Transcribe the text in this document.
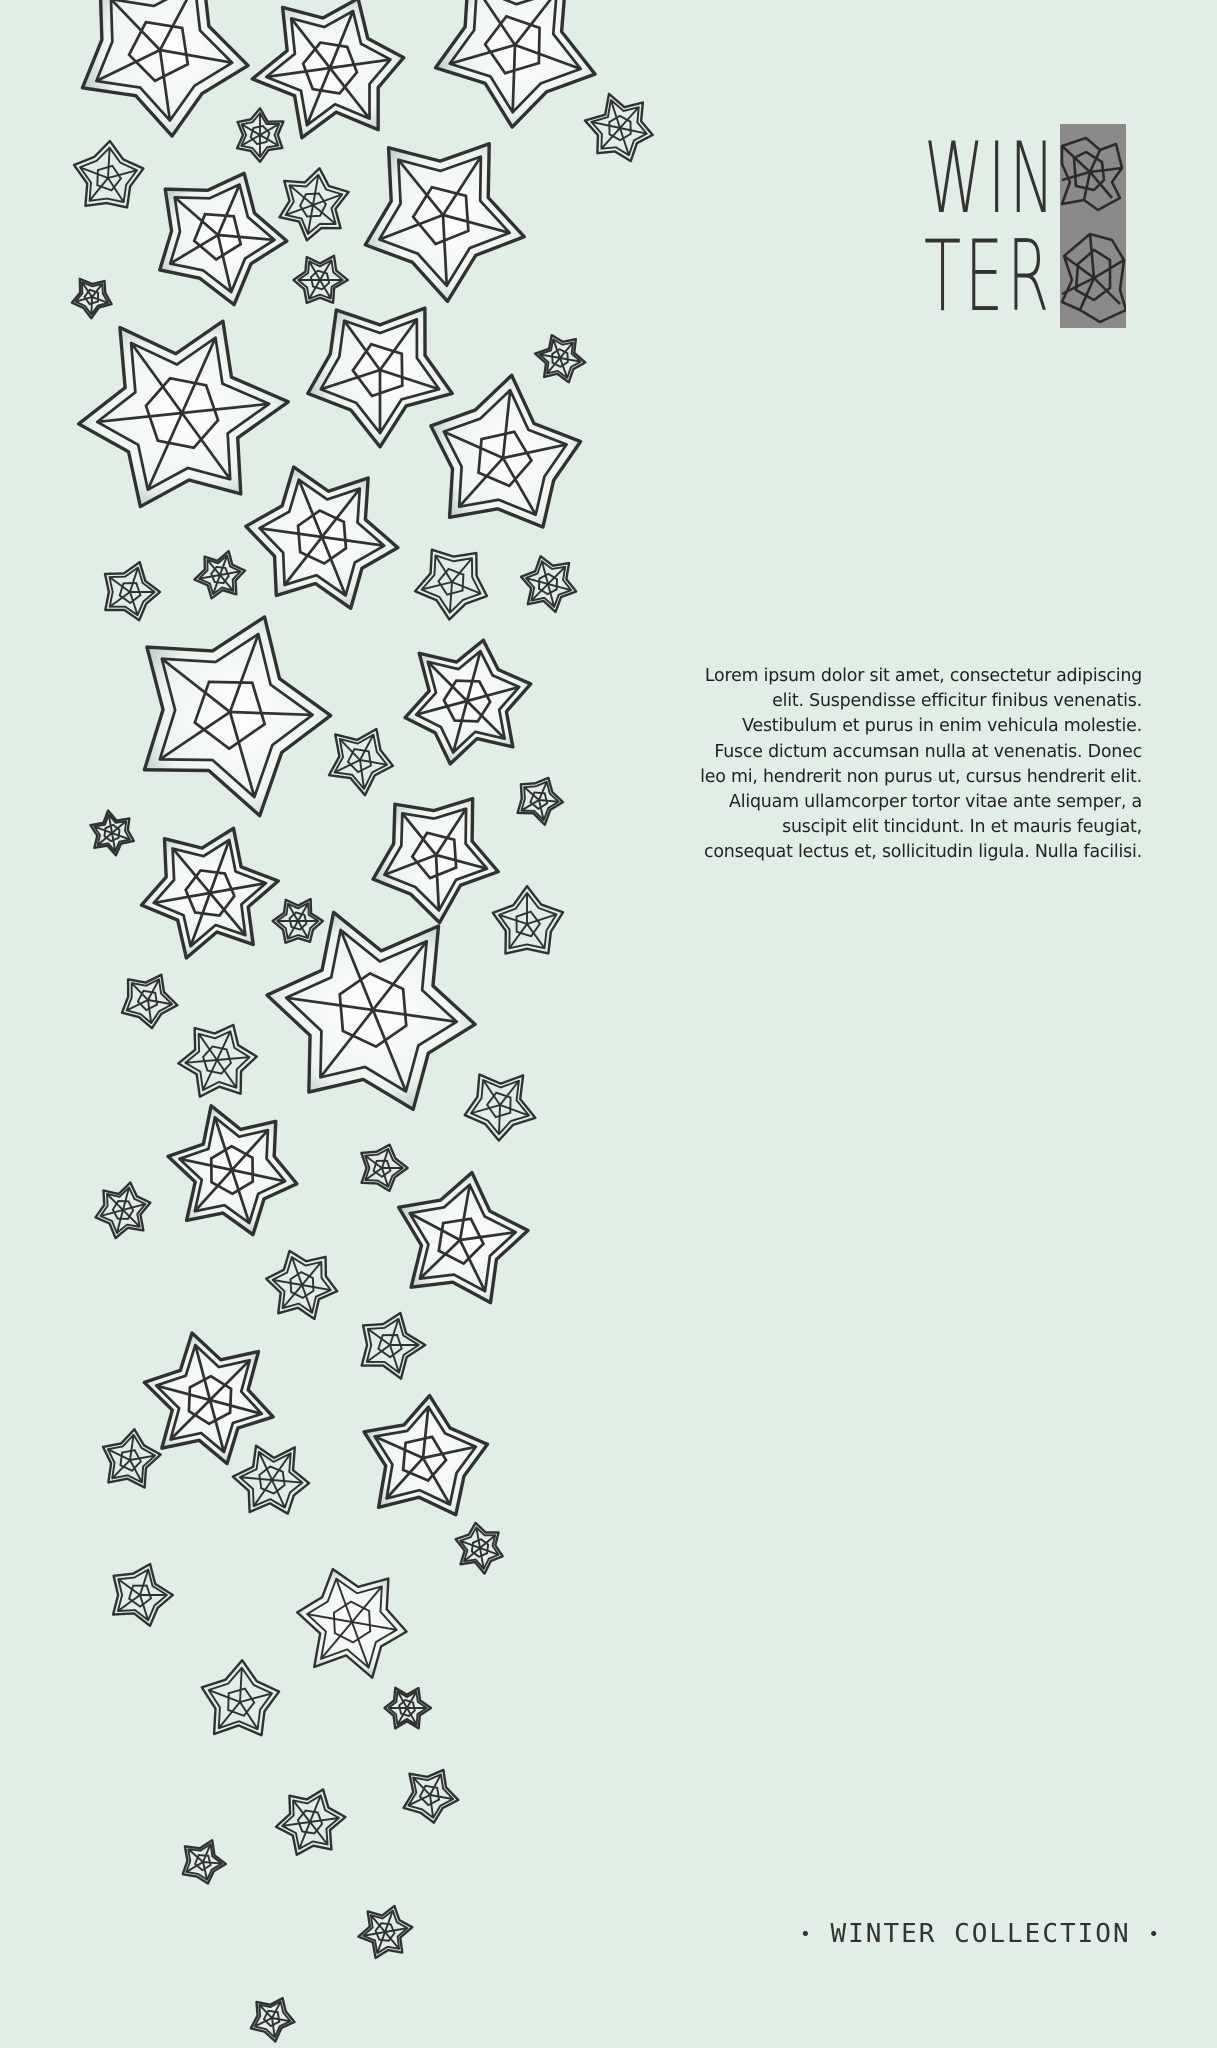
WIN
TER
Lorem ipsum dolor sit amet, consectetur adipiscing elit. Suspendisse efficitur finibus venenatis. Vestibulum et purus in enim vehicula molestie. Fusce dictum accumsan nulla at venenatis. Donec leo mi, hendrerit non purus ut, cursus hendrerit elit. Aliquam ullamcorper tortor vitae ante semper, a suscipit elit tincidunt. In et mauris feugiat, consequat lectus et, sollicitudin ligula. Nulla facilisi.
• WINTER COLLECTION •
